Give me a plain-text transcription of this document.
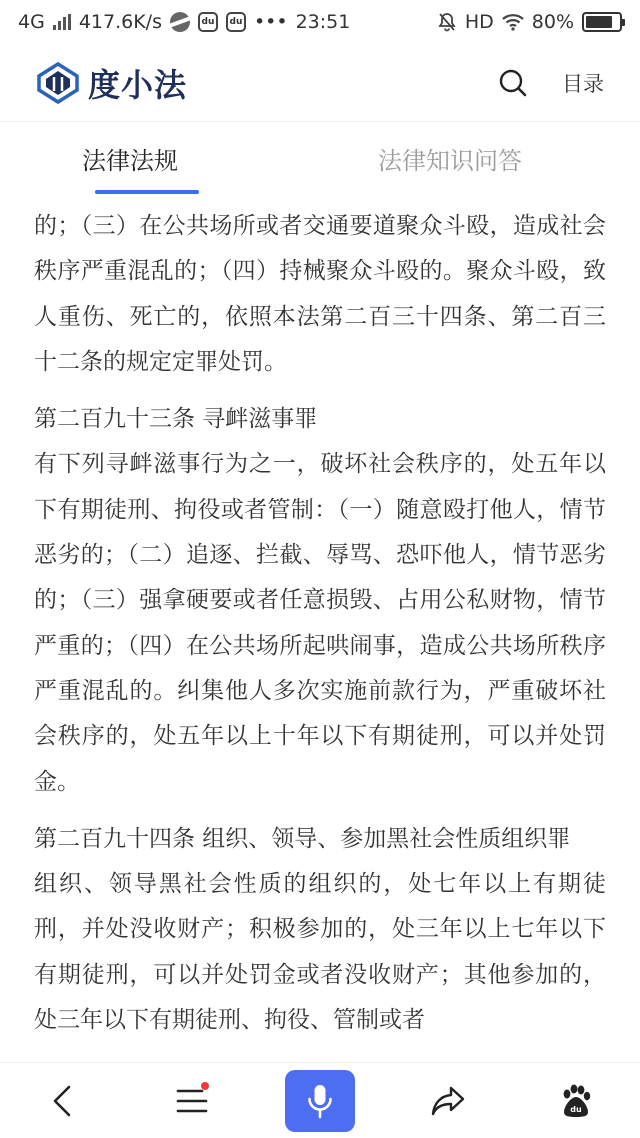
4G 417.6K/s	du	du ••• 23:51	HD 80%
度小法	目录
法律法规	法律知识问答

的；（三）在公共场所或者交通要道聚众斗殴，造成社会秩序严重混乱的；（四）持械聚众斗殴的。聚众斗殴，致人重伤、死亡的，依照本法第二百三十四条、第二百三十二条的规定定罪处罚。

第二百九十三条 寻衅滋事罪
有下列寻衅滋事行为之一，破坏社会秩序的，处五年以下有期徒刑、拘役或者管制：（一）随意殴打他人，情节恶劣的；（二）追逐、拦截、辱骂、恐吓他人，情节恶劣的；（三）强拿硬要或者任意损毁、占用公私财物，情节严重的；（四）在公共场所起哄闹事，造成公共场所秩序严重混乱的。纠集他人多次实施前款行为，严重破坏社会秩序的，处五年以上十年以下有期徒刑，可以并处罚金。
第二百九十四条 组织、领导、参加黑社会性质组织罪
组织、领导黑社会性质的组织的，处七年以上有期徒刑，并处没收财产；积极参加的，处三年以上七年以下有期徒刑，可以并处罚金或者没收财产；其他参加的，处三年以下有期徒刑、拘役、管制或者
du
